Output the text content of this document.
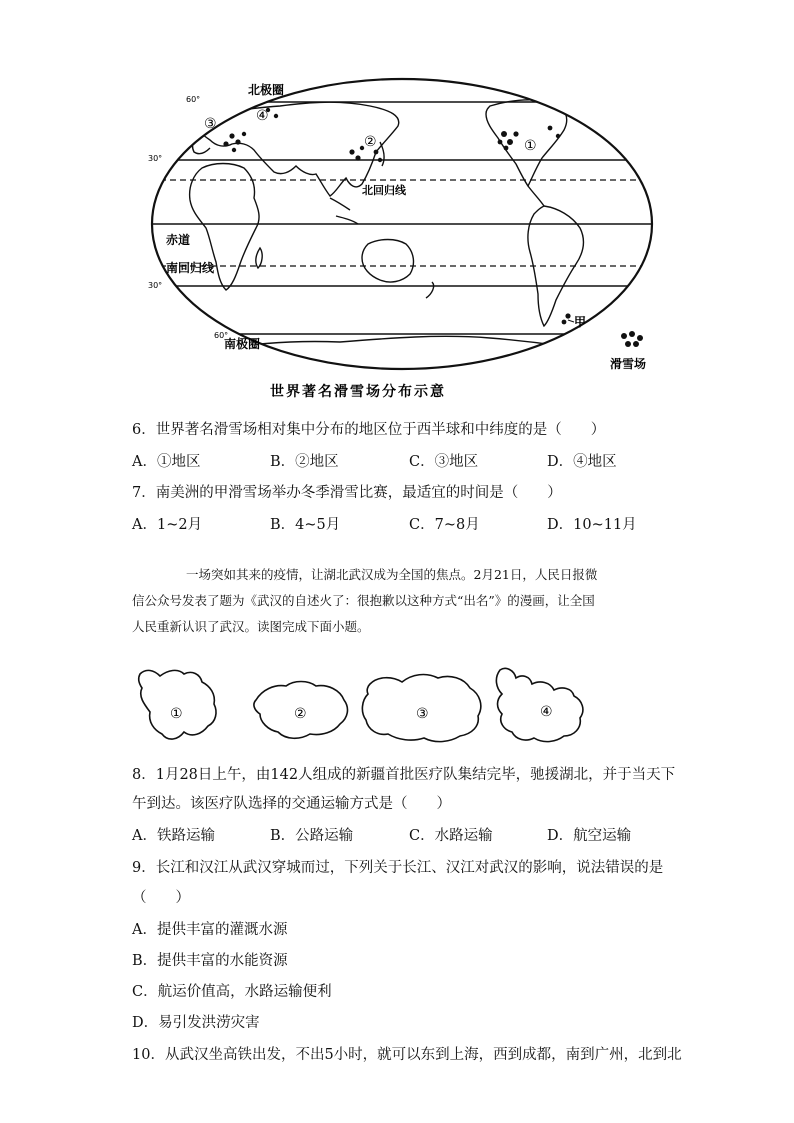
60°
30°
30°
60°
北极圈
北回归线
赤道
南回归线
南极圈
①
②
③	④
甲
滑雪场
世界著名滑雪场分布示意
6．世界著名滑雪场相对集中分布的地区位于西半球和中纬度的是（　　）
A．①地区	B．②地区	C．③地区	D．④地区
7．南美洲的甲滑雪场举办冬季滑雪比赛，最适宜的时间是（　　）
A．1~2月	B．4~5月	C．7~8月	D．10~11月
一场突如其来的疫情，让湖北武汉成为全国的焦点。2月21日，人民日报微
信公众号发表了题为《武汉的自述火了：很抱歉以这种方式“出名”》的漫画，让全国
人民重新认识了武汉。读图完成下面小题。
①	②	③	④
8．1月28日上午，由142人组成的新疆首批医疗队集结完毕，驰援湖北，并于当天下
午到达。该医疗队选择的交通运输方式是（　　）
A．铁路运输	B．公路运输	C．水路运输	D．航空运输
9．长江和汉江从武汉穿城而过，下列关于长江、汉江对武汉的影响，说法错误的是
（　　）
A．提供丰富的灌溉水源
B．提供丰富的水能资源
C．航运价值高，水路运输便利
D．易引发洪涝灾害
10．从武汉坐高铁出发，不出5小时，就可以东到上海，西到成都，南到广州，北到北
